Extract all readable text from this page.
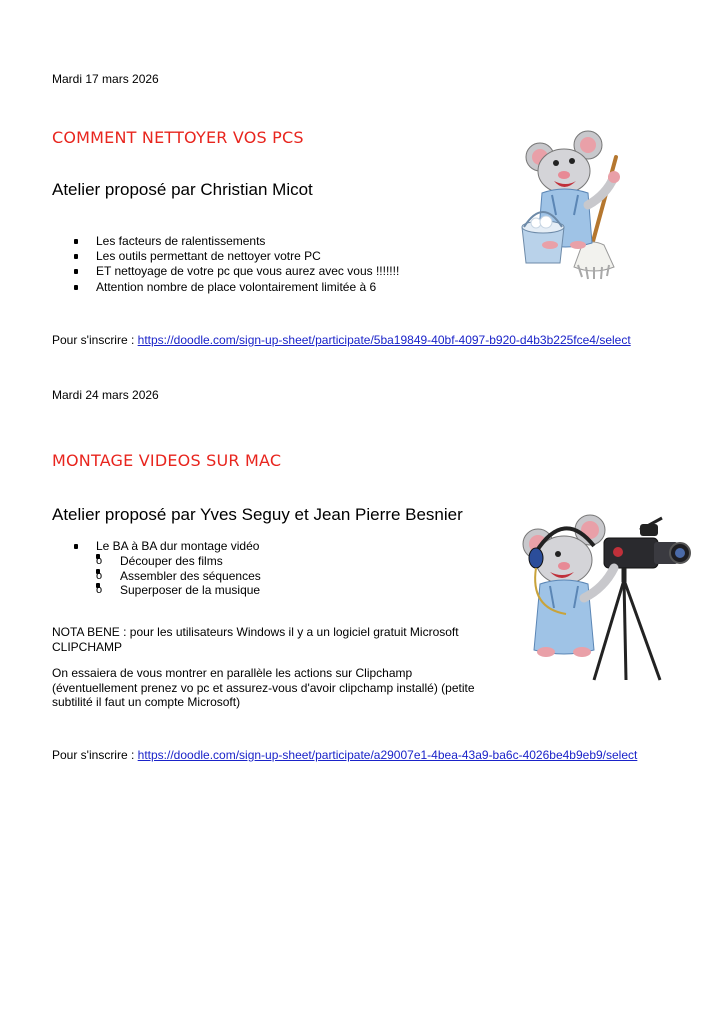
Mardi 17 mars 2026
COMMENT NETTOYER VOS PCS
Atelier proposé par Christian Micot
Les facteurs de ralentissements
Les outils permettant de nettoyer votre PC
ET nettoyage de votre pc que vous aurez avec vous !!!!!!!
Attention nombre de place volontairement limitée à 6
Pour s'inscrire : https://doodle.com/sign-up-sheet/participate/5ba19849-40bf-4097-b920-d4b3b225fce4/select
Mardi 24 mars 2026
MONTAGE VIDEOS SUR MAC
Atelier proposé par Yves Seguy et Jean Pierre Besnier
Le BA à BA dur montage vidéo
o Découper des films
o Assembler des séquences
o Superposer de la musique
NOTA BENE : pour les utilisateurs Windows il y a un logiciel gratuit Microsoft
CLIPCHAMP
On essaiera de vous montrer en parallèle les actions sur Clipchamp
(éventuellement prenez vo pc et assurez-vous d'avoir clipchamp installé) (petite
subtilité il faut un compte Microsoft)
Pour s'inscrire : https://doodle.com/sign-up-sheet/participate/a29007e1-4bea-43a9-ba6c-4026be4b9eb9/select
